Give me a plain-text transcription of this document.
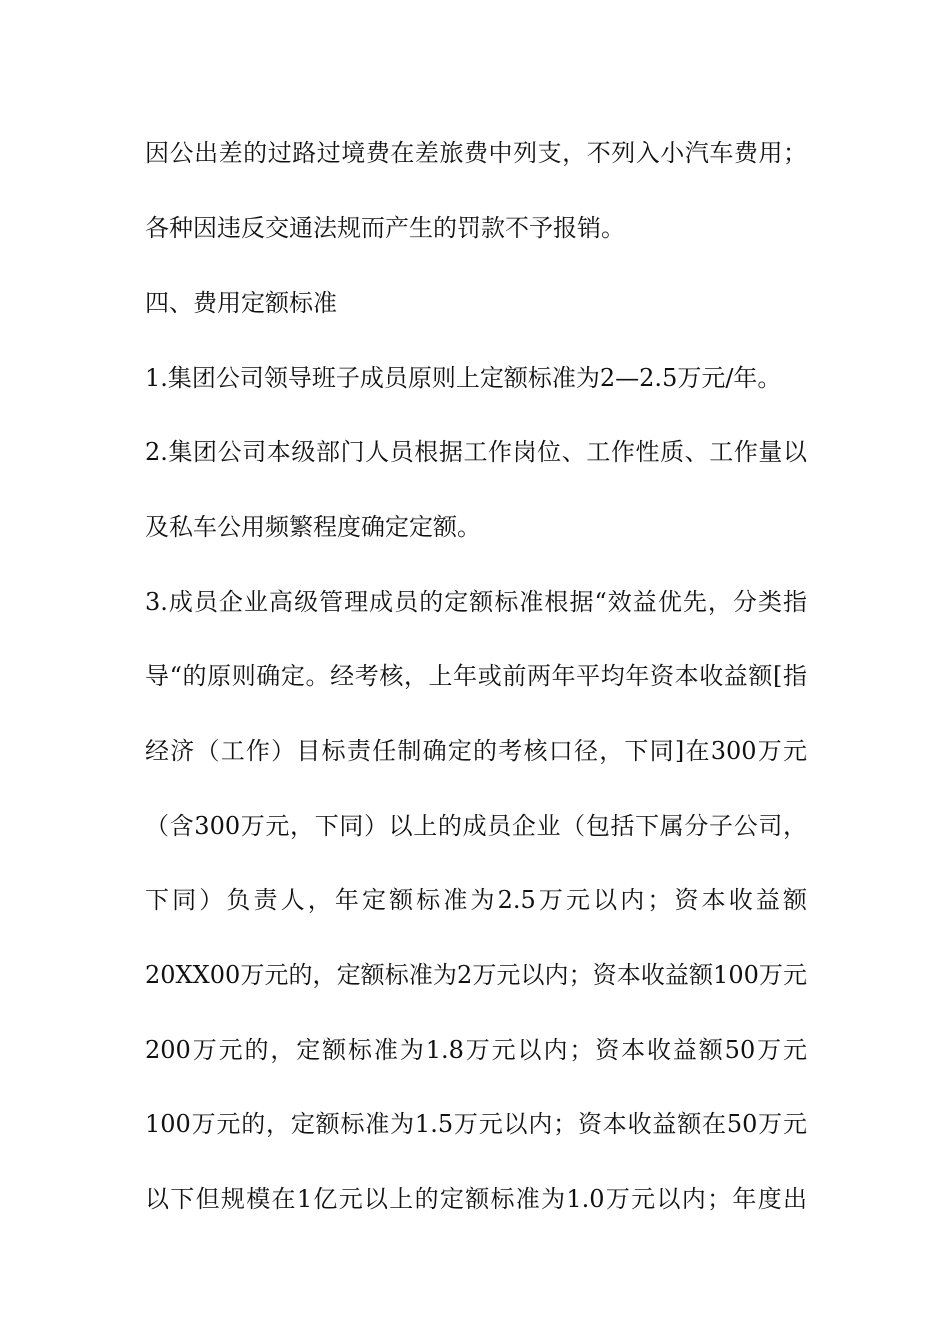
因公出差的过路过境费在差旅费中列支，不列入小汽车费用；
各种因违反交通法规而产生的罚款不予报销。
四、费用定额标准
1.集团公司领导班子成员原则上定额标准为2—2.5万元/年。
2.集团公司本级部门人员根据工作岗位、工作性质、工作量以
及私车公用频繁程度确定定额。
3.成员企业高级管理成员的定额标准根据“效益优先，分类指
导“的原则确定。经考核，上年或前两年平均年资本收益额[指
经济（工作）目标责任制确定的考核口径，下同]在300万元
（含300万元，下同）以上的成员企业（包括下属分子公司，
下同）负责人，年定额标准为2.5万元以内；资本收益额
20XX00万元的，定额标准为2万元以内；资本收益额100万元
200万元的，定额标准为1.8万元以内；资本收益额50万元
100万元的，定额标准为1.5万元以内；资本收益额在50万元
以下但规模在1亿元以上的定额标准为1.0万元以内；年度出
